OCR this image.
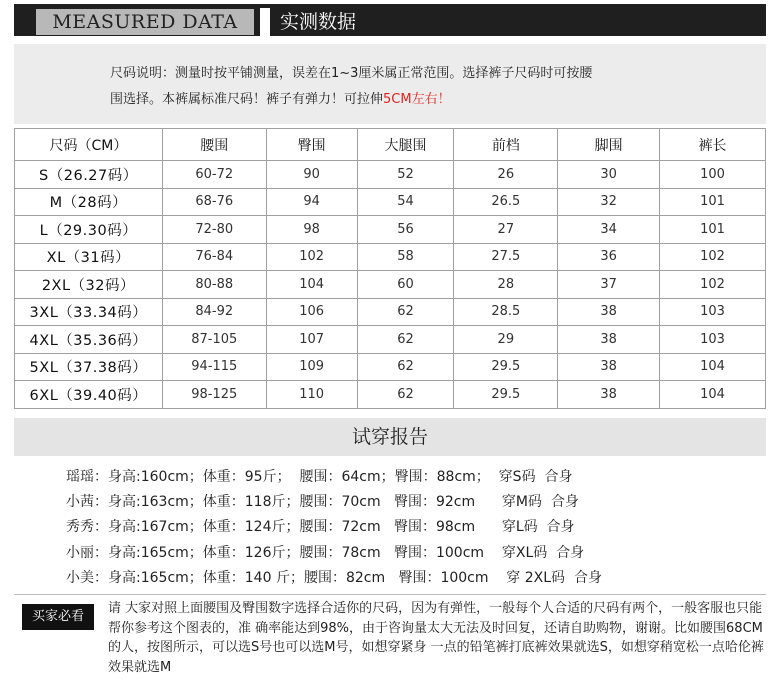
MEASURED DATA	实测数据

尺码说明：测量时按平铺测量，误差在1~3厘米属正常范围。选择裤子尺码时可按腰

围选择。本裤属标准尺码！裤子有弹力！可拉伸5CM左右！

尺码（CM）	腰围	臀围	大腿围	前档	脚围	裤长
S（26.27码）	60-72	90	52	26	30	100
M（28码）	68-76	94	54	26.5	32	101
L（29.30码）	72-80	98	56	27	34	101
XL（31码）	76-84	102	58	27.5	36	102
2XL（32码）	80-88	104	60	28	37	102
3XL（33.34码）	84-92	106	62	28.5	38	103
4XL（35.36码）	87-105	107	62	29	38	103
5XL（37.38码）	94-115	109	62	29.5	38	104
6XL（39.40码）	98-125	110	62	29.5	38	104
试穿报告
瑶瑶：身高:160cm；体重：95斤；  腰围：64cm；臀围：88cm；  穿S码  合身
小茜：身高:163cm；体重：118斤；腰围：70cm   臀围：92cm      穿M码  合身
秀秀：身高:167cm；体重：124斤；腰围：72cm   臀围：98cm      穿L码  合身
小丽：身高:165cm；体重：126斤；腰围：78cm   臀围：100cm    穿XL码  合身
小美：身高:165cm；体重：140 斤；腰围：82cm   臀围：100cm    穿 2XL码  合身
买家必看
请 大家对照上面腰围及臀围数字选择合适你的尺码，因为有弹性，一般每个人合适的尺码有两个，一般客服也只能帮你参考这个图表的，准 确率能达到98%，由于咨询量太大无法及时回复，还请自助购物，谢谢。比如腰围68CM的人，按图所示，可以选S号也可以选M号，如想穿紧身 一点的铅笔裤打底裤效果就选S，如想穿稍宽松一点哈伦裤效果就选M
